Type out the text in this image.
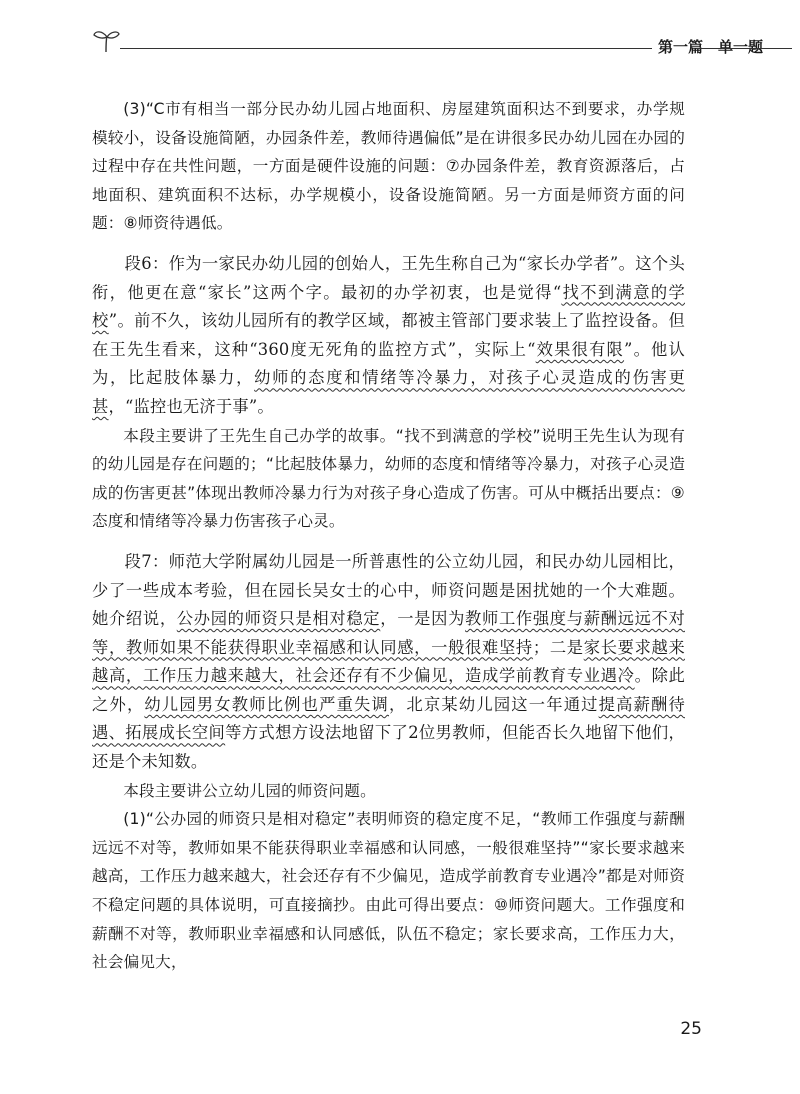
第一篇　单一题

(3)“C市有相当一部分民办幼儿园占地面积、房屋建筑面积达不到要求，办学规模较小，设备设施简陋，办园条件差，教师待遇偏低”是在讲很多民办幼儿园在办园的过程中存在共性问题，一方面是硬件设施的问题：⑦办园条件差，教育资源落后，占地面积、建筑面积不达标，办学规模小，设备设施简陋。另一方面是师资方面的问题：⑧师资待遇低。

段6：作为一家民办幼儿园的创始人，王先生称自己为“家长办学者”。这个头衔，他更在意“家长”这两个字。最初的办学初衷，也是觉得“找不到满意的学校”。前不久，该幼儿园所有的教学区域，都被主管部门要求装上了监控设备。但在王先生看来，这种“360度无死角的监控方式”，实际上“效果很有限”。他认为，比起肢体暴力，幼师的态度和情绪等冷暴力，对孩子心灵造成的伤害更甚，“监控也无济于事”。

本段主要讲了王先生自己办学的故事。“找不到满意的学校”说明王先生认为现有的幼儿园是存在问题的；“比起肢体暴力，幼师的态度和情绪等冷暴力，对孩子心灵造成的伤害更甚”体现出教师冷暴力行为对孩子身心造成了伤害。可从中概括出要点：⑨态度和情绪等冷暴力伤害孩子心灵。

段7：师范大学附属幼儿园是一所普惠性的公立幼儿园，和民办幼儿园相比，少了一些成本考验，但在园长吴女士的心中，师资问题是困扰她的一个大难题。她介绍说，公办园的师资只是相对稳定，一是因为教师工作强度与薪酬远远不对等，教师如果不能获得职业幸福感和认同感，一般很难坚持；二是家长要求越来越高，工作压力越来越大，社会还存有不少偏见，造成学前教育专业遇冷。除此之外，幼儿园男女教师比例也严重失调，北京某幼儿园这一年通过提高薪酬待遇、拓展成长空间等方式想方设法地留下了2位男教师，但能否长久地留下他们，还是个未知数。

本段主要讲公立幼儿园的师资问题。

(1)“公办园的师资只是相对稳定”表明师资的稳定度不足，“教师工作强度与薪酬远远不对等，教师如果不能获得职业幸福感和认同感，一般很难坚持”“家长要求越来越高，工作压力越来越大，社会还存有不少偏见，造成学前教育专业遇冷”都是对师资不稳定问题的具体说明，可直接摘抄。由此可得出要点：⑩师资问题大。工作强度和薪酬不对等，教师职业幸福感和认同感低，队伍不稳定；家长要求高，工作压力大，社会偏见大，

25
